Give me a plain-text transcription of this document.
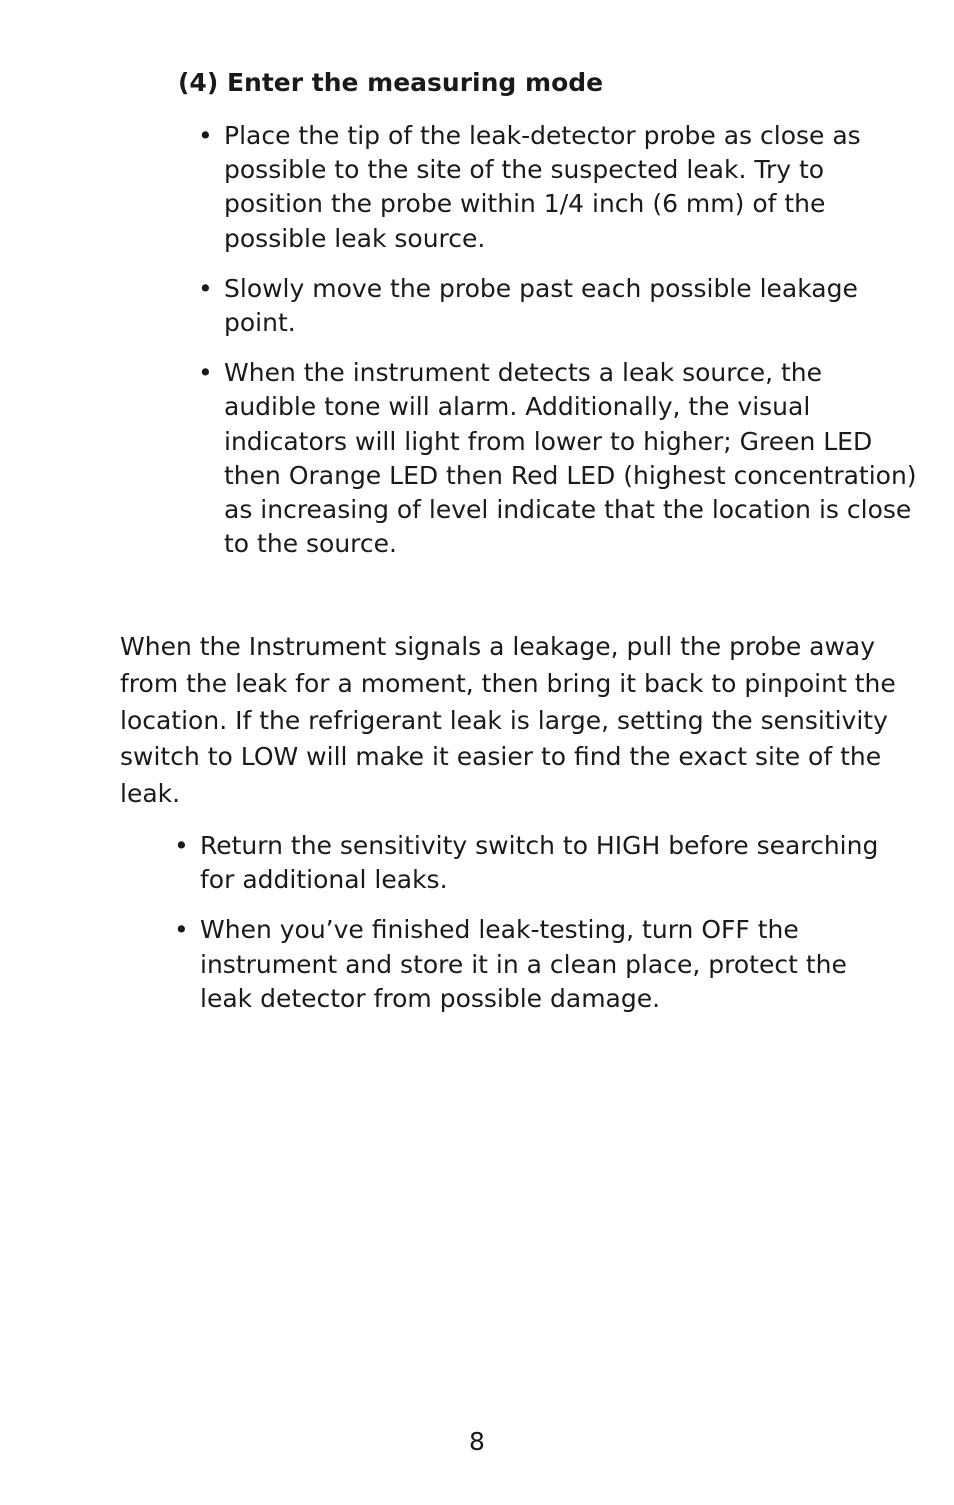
(4) Enter the measuring mode
• Place the tip of the leak-detector probe as close as possible to the site of the suspected leak. Try to position the probe within 1/4 inch (6 mm) of the possible leak source.
• Slowly move the probe past each possible leakage point.
• When the instrument detects a leak source, the audible tone will alarm. Additionally, the visual indicators will light from lower to higher; Green LED then Orange LED then Red LED (highest concentration) as increasing of level indicate that the location is close to the source.

When the Instrument signals a leakage, pull the probe away from the leak for a moment, then bring it back to pinpoint the location. If the refrigerant leak is large, setting the sensitivity switch to LOW will make it easier to find the exact site of the leak.

• Return the sensitivity switch to HIGH before searching for additional leaks.
• When you’ve finished leak-testing, turn OFF the instrument and store it in a clean place, protect the leak detector from possible damage.
8
